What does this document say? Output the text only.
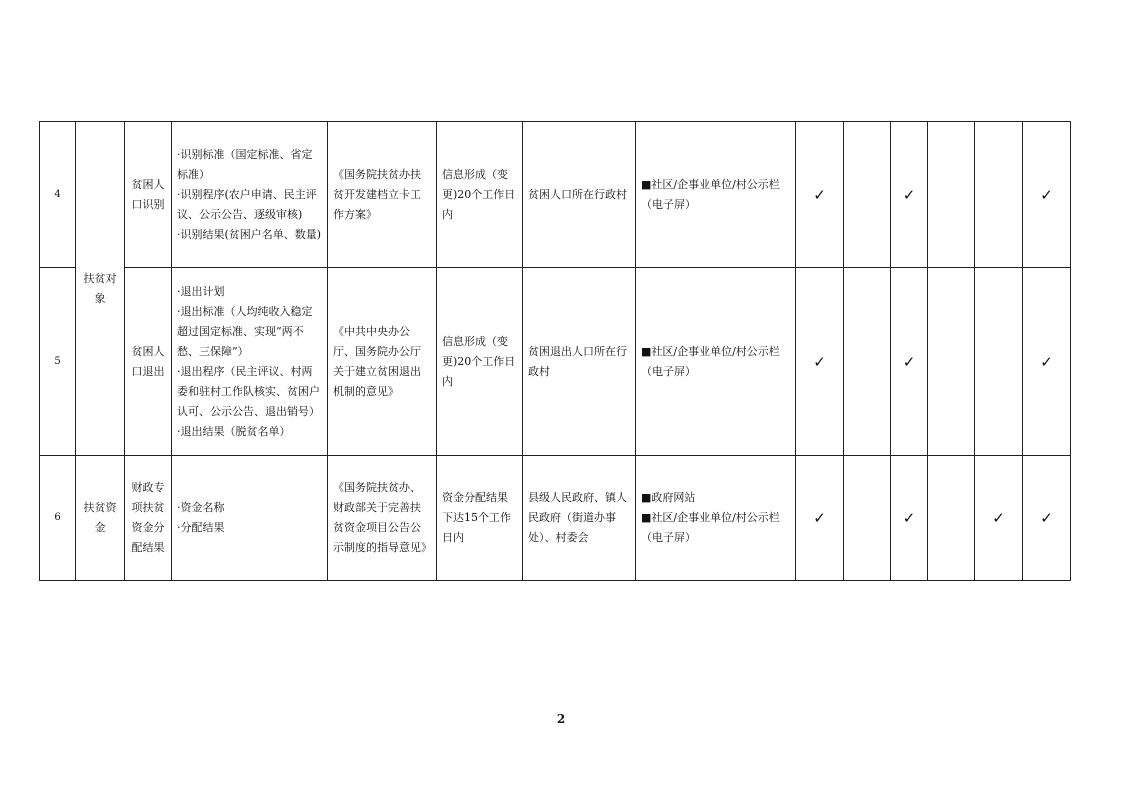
4	扶贫对象	贫困人口识别	·识别标准（国定标准、省定标准）
·识别程序(农户申请、民主评议、公示公告、逐级审核)
·识别结果(贫困户名单、数量)	《国务院扶贫办扶贫开发建档立卡工作方案》	信息形成（变更)20个工作日内	贫困人口所在行政村	■社区/企事业单位/村公示栏（电子屏）	✓		✓			✓
5		贫困人口退出	·退出计划
·退出标准（人均纯收入稳定超过国定标准、实现“两不愁、三保障”）
·退出程序（民主评议、村两委和驻村工作队核实、贫困户认可、公示公告、退出销号）
·退出结果（脱贫名单）	《中共中央办公厅、国务院办公厅关于建立贫困退出机制的意见》	信息形成（变更)20个工作日内	贫困退出人口所在行政村	■社区/企事业单位/村公示栏（电子屏）	✓		✓			✓
6	扶贫资金	财政专项扶贫资金分配结果	·资金名称
·分配结果	《国务院扶贫办、财政部关于完善扶贫资金项目公告公示制度的指导意见》	资金分配结果下达15个工作日内	县级人民政府、镇人民政府（街道办事处）、村委会	■政府网站
■社区/企事业单位/村公示栏（电子屏）	✓		✓		✓	✓
2
